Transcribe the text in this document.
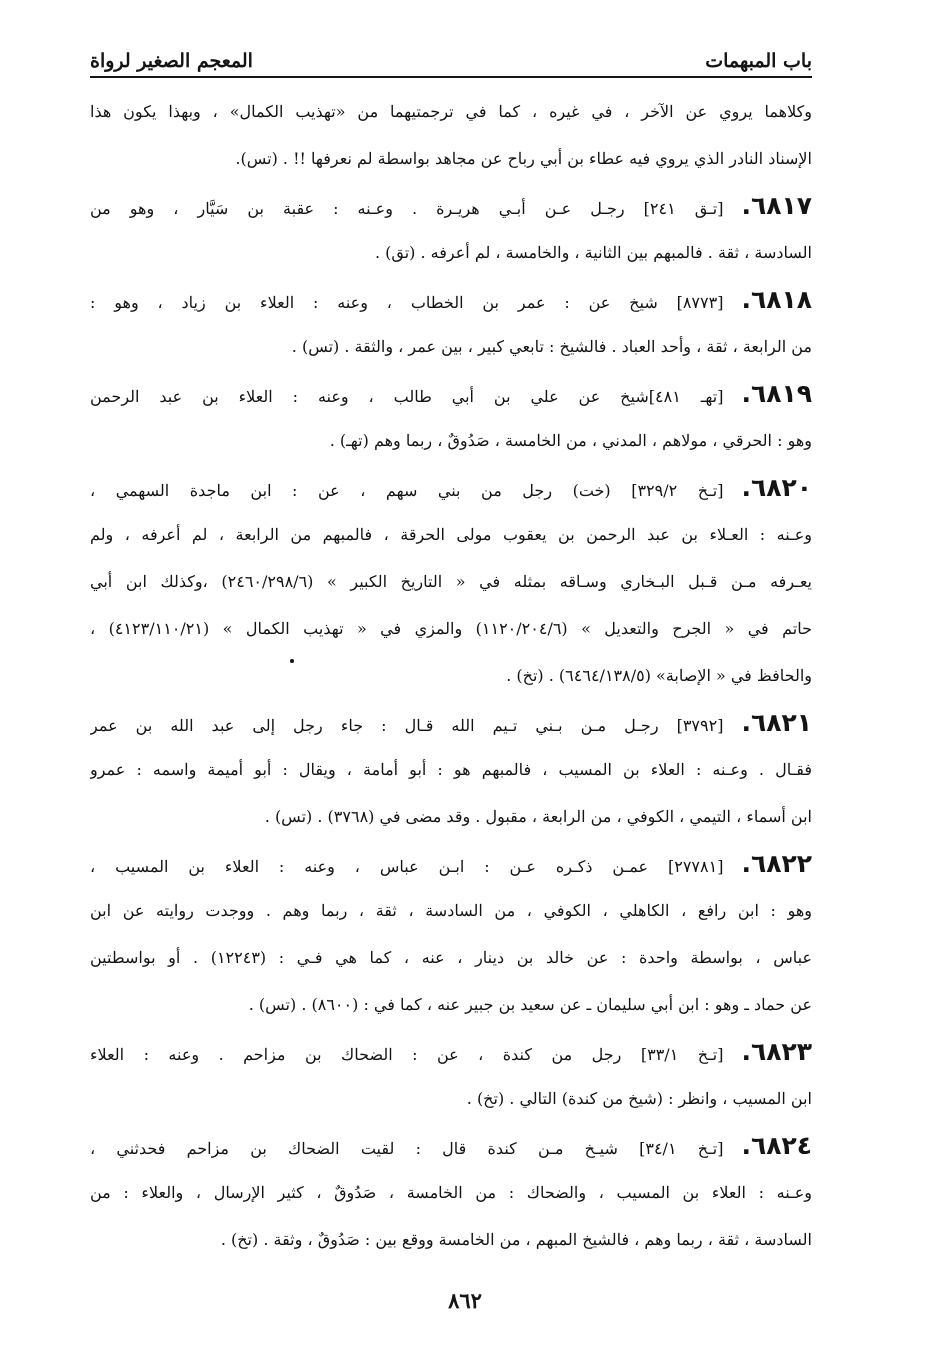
باب المبهمات
المعجم الصغير لرواة
وكلاهما يروي عن الآخر ، في غيره ، كما في ترجمتيهما من «تهذيب الكمال» ، وبهذا يكون هذا
الإسناد النادر الذي يروي فيه عطاء بن أبي رباح عن مجاهد بواسطة لم نعرفها !! . (تس).
٦٨١٧.[تـق ٢٤١] رجـل عـن أبـي هريـرة . وعـنه : عقبة بن سَيَّار ، وهو من
السادسة ، ثقة . فالمبهم بين الثانية ، والخامسة ، لم أعرفه . (تق) .
٦٨١٨.[٨٧٧٣] شيخ عن : عمر بن الخطاب ، وعنه : العلاء بن زياد ، وهو :
من الرابعة ، ثقة ، وأحد العباد . فالشيخ : تابعي كبير ، بين عمر ، والثقة . (تس) .
٦٨١٩.[تهـ ٤٨١]شيخ عن علي بن أبي طالب ، وعنه : العلاء بن عبد الرحمن
وهو : الحرقي ، مولاهم ، المدني ، من الخامسة ، صَدُوقٌ ، ربما وهم (تهـ) .
٦٨٢٠.[تـخ ٣٢٩/٢] (خت) رجل من بني سهم ، عن : ابن ماجدة السهمي ،
وعـنه : العـلاء بن عبد الرحمن بن يعقوب مولى الحرقة ، فالمبهم من الرابعة ، لم أعرفه ، ولم
يعـرفه مـن قـبل البـخاري وسـاقه بمثله في « التاريخ الكبير » (٢٤٦٠/٢٩٨/٦) ،وكذلك ابن أبي
حاتم في « الجرح والتعديل » (١١٢٠/٢٠٤/٦) والمزي في « تهذيب الكمال » (٤١٢٣/١١٠/٢١) ،
والحافظ في « الإصابة» (٦٤٦٤/١٣٨/٥) . (تخ) .
٦٨٢١.[٣٧٩٢] رجـل مـن بـني تـيم الله قـال : جاء رجل إلى عبد الله بن عمر
فقـال . وعـنه : العلاء بن المسيب ، فالمبهم هو : أبو أمامة ، ويقال : أبو أميمة واسمه : عمرو
ابن أسماء ، التيمي ، الكوفي ، من الرابعة ، مقبول . وقد مضى في (٣٧٦٨) . (تس) .
٦٨٢٢.[٢٧٧٨١] عمـن ذكـره عـن : ابـن عباس ، وعنه : العلاء بن المسيب ،
وهو : ابن رافع ، الكاهلي ، الكوفي ، من السادسة ، ثقة ، ربما وهم . ووجدت روايته عن ابن
عباس ، بواسطة واحدة : عن خالد بن دينار ، عنه ، كما هي فـي : (١٢٢٤٣) . أو بواسطتين
عن حماد ـ وهو : ابن أبي سليمان ـ عن سعيد بن جبير عنه ، كما في : (٨٦٠٠) . (تس) .
٦٨٢٣.[تـخ ٣٣/١] رجل من كندة ، عن : الضحاك بن مزاحم . وعنه : العلاء
ابن المسيب ، وانظر : (شيخ من كندة) التالي . (تخ) .
٦٨٢٤.[تـخ ٣٤/١] شيـخ مـن كندة قال : لقيت الضحاك بن مزاحم فحدثني ،
وعـنه : العلاء بن المسيب ، والضحاك : من الخامسة ، صَدُوقٌ ، كثير الإرسال ، والعلاء : من
السادسة ، ثقة ، ربما وهم ، فالشيخ المبهم ، من الخامسة ووقع بين : صَدُوقٌ ، وثقة . (تخ) .
٨٦٢
